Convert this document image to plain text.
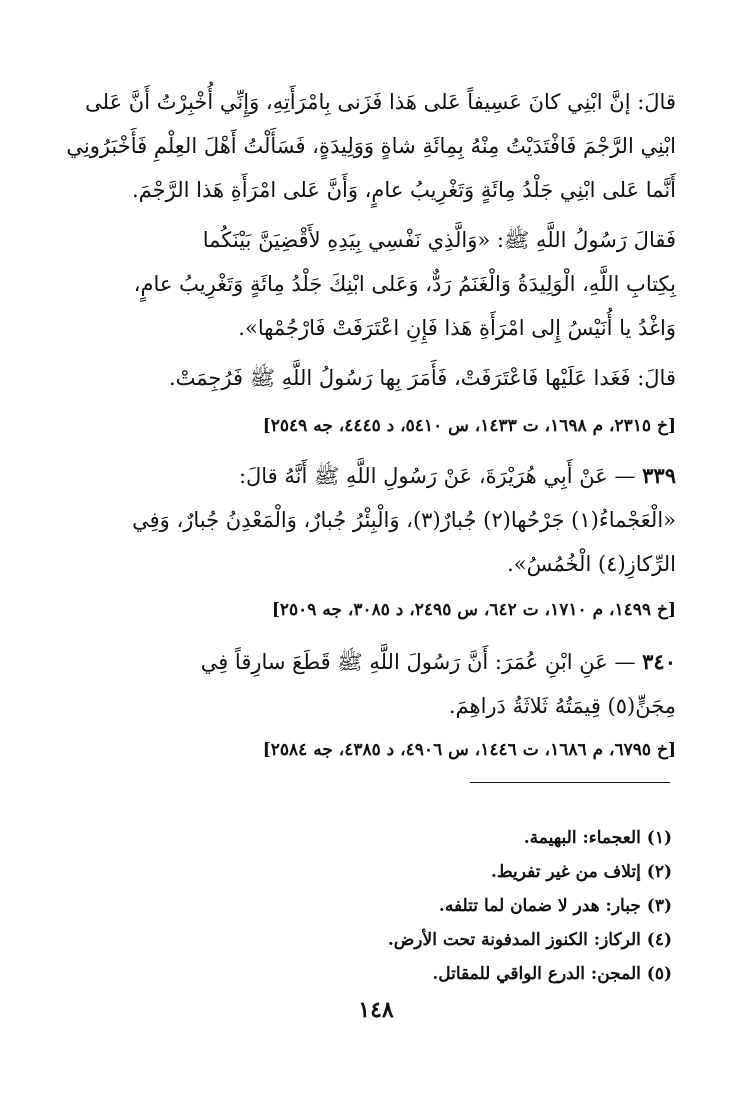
قالَ: إنَّ ابْنِي كانَ عَسِيفاً عَلى هَذا فَزَنى بِامْرَأَتِهِ، وَإِنِّي أُخْبِرْتُ أَنَّ عَلى
ابْنِي الرَّجْمَ فَافْتَدَيْتُ مِنْهُ بِمِائَةِ شاةٍ وَوَلِيدَةٍ، فَسَأَلْتُ أَهْلَ العِلْمِ فَأَخْبَرُونِي
أَنَّما عَلى ابْنِي جَلْدُ مِائَةٍ وَتَغْرِيبُ عامٍ، وَأَنَّ عَلى امْرَأَةِ هَذا الرَّجْمَ.
فَقالَ رَسُولُ اللَّهِ ﷺ: «وَالَّذِي نَفْسِي بِيَدِهِ لأَقْضِيَنَّ بَيْنَكُما
بِكِتابِ اللَّهِ، الْوَلِيدَةُ وَالْغَنَمُ رَدٌّ، وَعَلى ابْنِكَ جَلْدُ مِائَةٍ وَتَغْرِيبُ عامٍ،
وَاغْدُ يا أُنَيْسُ إِلى امْرَأَةِ هَذا فَإِنِ اعْتَرَفَتْ فَارْجُمْها».
قالَ: فَغَدا عَلَيْها فَاعْتَرَفَتْ، فَأَمَرَ بِها رَسُولُ اللَّهِ ﷺ فَرُجِمَتْ.
[خ ٢٣١٥، م ١٦٩٨، ت ١٤٣٣، س ٥٤١٠، د ٤٤٤٥، جه ٢٥٤٩]
٣٣٩ — عَنْ أَبِي هُرَيْرَةَ، عَنْ رَسُولِ اللَّهِ ﷺ أَنَّهُ قالَ:
«الْعَجْماءُ(١) جَرْحُها(٢) جُبارٌ(٣)، وَالْبِئْرُ جُبارٌ، وَالْمَعْدِنُ جُبارٌ، وَفِي
الرِّكازِ(٤) الْخُمُسُ».
[خ ١٤٩٩، م ١٧١٠، ت ٦٤٢، س ٢٤٩٥، د ٣٠٨٥، جه ٢٥٠٩]
٣٤٠ — عَنِ ابْنِ عُمَرَ: أَنَّ رَسُولَ اللَّهِ ﷺ قَطَعَ سارِقاً فِي
مِجَنٍّ(٥) قِيمَتُهُ ثَلاثَةُ دَراهِمَ.
[خ ٦٧٩٥، م ١٦٨٦، ت ١٤٤٦، س ٤٩٠٦، د ٤٣٨٥، جه ٢٥٨٤]
(١) العجماء: البهيمة.
(٢) إتلاف من غير تفريط.
(٣) جبار: هدر لا ضمان لما تتلفه.
(٤) الركاز: الكنوز المدفونة تحت الأرض.
(٥) المجن: الدرع الواقي للمقاتل.
١٤٨
